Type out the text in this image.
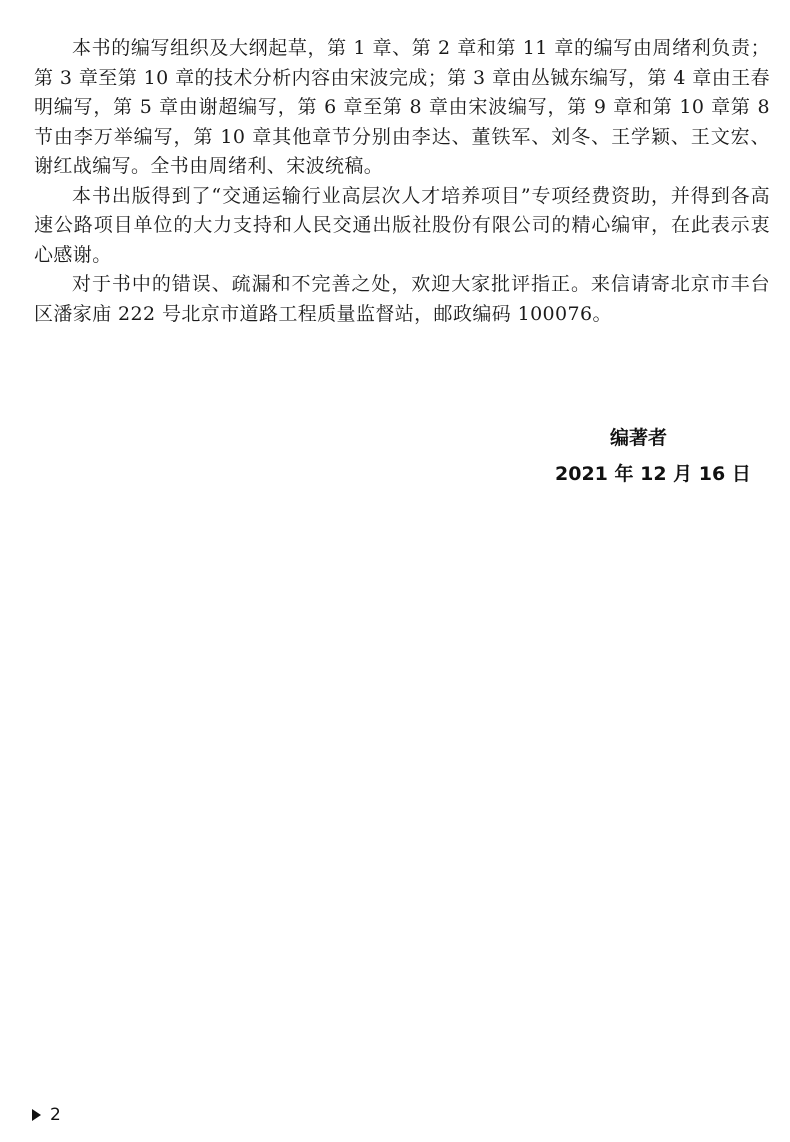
本书的编写组织及大纲起草，第 1 章、第 2 章和第 11 章的编写由周绪利负责；第 3 章至第 10 章的技术分析内容由宋波完成；第 3 章由丛铖东编写，第 4 章由王春明编写，第 5 章由谢超编写，第 6 章至第 8 章由宋波编写，第 9 章和第 10 章第 8 节由李万举编写，第 10 章其他章节分别由李达、董铁军、刘冬、王学颖、王文宏、谢红战编写。全书由周绪利、宋波统稿。

本书出版得到了“交通运输行业高层次人才培养项目”专项经费资助，并得到各高速公路项目单位的大力支持和人民交通出版社股份有限公司的精心编审，在此表示衷心感谢。

对于书中的错误、疏漏和不完善之处，欢迎大家批评指正。来信请寄北京市丰台区潘家庙 222 号北京市道路工程质量监督站，邮政编码 100076。

编著者
2021 年 12 月 16 日
2
